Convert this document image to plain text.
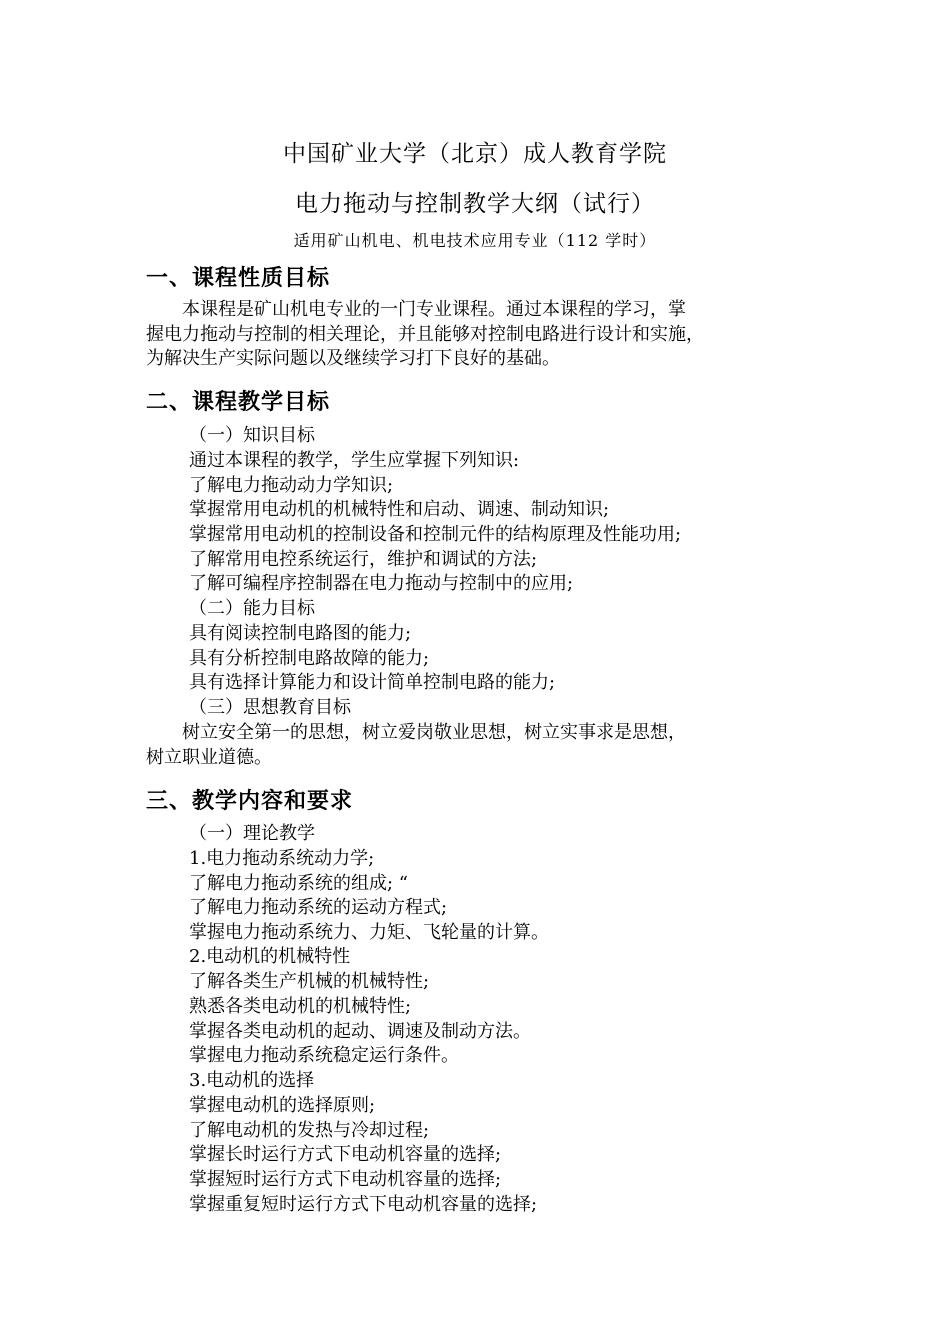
中国矿业大学（北京）成人教育学院
电力拖动与控制教学大纲（试行）
适用矿山机电、机电技术应用专业（112 学时）
一、课程性质目标
　　本课程是矿山机电专业的一门专业课程。通过本课程的学习，掌
握电力拖动与控制的相关理论，并且能够对控制电路进行设计和实施，
为解决生产实际问题以及继续学习打下良好的基础。
二、课程教学目标
（一）知识目标
通过本课程的教学，学生应掌握下列知识:
了解电力拖动动力学知识;
掌握常用电动机的机械特性和启动、调速、制动知识;
掌握常用电动机的控制设备和控制元件的结构原理及性能功用;
了解常用电控系统运行，维护和调试的方法;
了解可编程序控制器在电力拖动与控制中的应用;
（二）能力目标
具有阅读控制电路图的能力;
具有分析控制电路故障的能力;
具有选择计算能力和设计简单控制电路的能力;
（三）思想教育目标
　　树立安全第一的思想，树立爱岗敬业思想，树立实事求是思想，
树立职业道德。
三、教学内容和要求
（一）理论教学
1.电力拖动系统动力学;
了解电力拖动系统的组成; “
了解电力拖动系统的运动方程式;
掌握电力拖动系统力、力矩、飞轮量的计算。
2.电动机的机械特性
了解各类生产机械的机械特性;
熟悉各类电动机的机械特性;
掌握各类电动机的起动、调速及制动方法。
掌握电力拖动系统稳定运行条件。
3.电动机的选择
掌握电动机的选择原则;
了解电动机的发热与冷却过程;
掌握长时运行方式下电动机容量的选择;
掌握短时运行方式下电动机容量的选择;
掌握重复短时运行方式下电动机容量的选择;
